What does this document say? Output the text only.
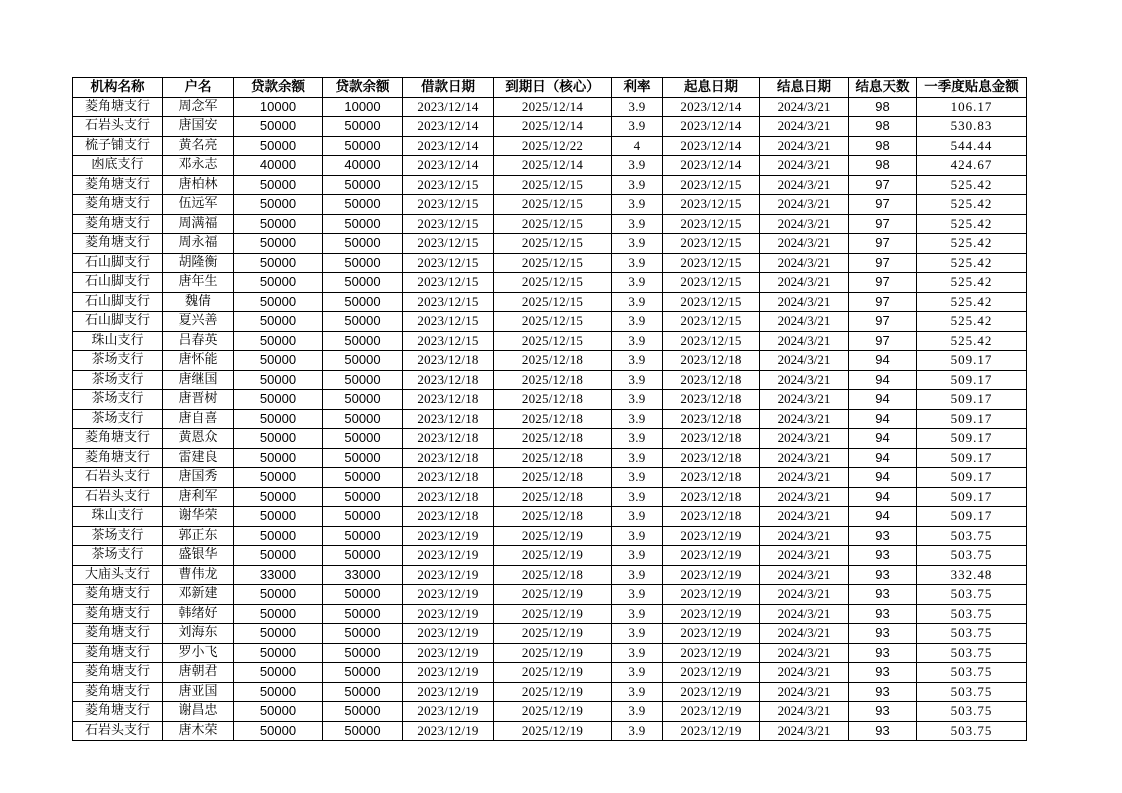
机构名称	户名	贷款余额	贷款余额	借款日期	到期日（核心）	利率	起息日期	结息日期	结息天数	一季度贴息金额
菱角塘支行	周念军	10000	10000	2023/12/14	2025/12/14	3.9	2023/12/14	2024/3/21	98	106.17
石岩头支行	唐国安	50000	50000	2023/12/14	2025/12/14	3.9	2023/12/14	2024/3/21	98	530.83
梳子铺支行	黄名亮	50000	50000	2023/12/14	2025/12/22	4	2023/12/14	2024/3/21	98	544.44
凼底支行	邓永志	40000	40000	2023/12/14	2025/12/14	3.9	2023/12/14	2024/3/21	98	424.67
菱角塘支行	唐柏林	50000	50000	2023/12/15	2025/12/15	3.9	2023/12/15	2024/3/21	97	525.42
菱角塘支行	伍远军	50000	50000	2023/12/15	2025/12/15	3.9	2023/12/15	2024/3/21	97	525.42
菱角塘支行	周满福	50000	50000	2023/12/15	2025/12/15	3.9	2023/12/15	2024/3/21	97	525.42
菱角塘支行	周永福	50000	50000	2023/12/15	2025/12/15	3.9	2023/12/15	2024/3/21	97	525.42
石山脚支行	胡隆衡	50000	50000	2023/12/15	2025/12/15	3.9	2023/12/15	2024/3/21	97	525.42
石山脚支行	唐年生	50000	50000	2023/12/15	2025/12/15	3.9	2023/12/15	2024/3/21	97	525.42
石山脚支行	魏倩	50000	50000	2023/12/15	2025/12/15	3.9	2023/12/15	2024/3/21	97	525.42
石山脚支行	夏兴善	50000	50000	2023/12/15	2025/12/15	3.9	2023/12/15	2024/3/21	97	525.42
珠山支行	吕春英	50000	50000	2023/12/15	2025/12/15	3.9	2023/12/15	2024/3/21	97	525.42
茶场支行	唐怀能	50000	50000	2023/12/18	2025/12/18	3.9	2023/12/18	2024/3/21	94	509.17
茶场支行	唐继国	50000	50000	2023/12/18	2025/12/18	3.9	2023/12/18	2024/3/21	94	509.17
茶场支行	唐晋树	50000	50000	2023/12/18	2025/12/18	3.9	2023/12/18	2024/3/21	94	509.17
茶场支行	唐自喜	50000	50000	2023/12/18	2025/12/18	3.9	2023/12/18	2024/3/21	94	509.17
菱角塘支行	黄恩众	50000	50000	2023/12/18	2025/12/18	3.9	2023/12/18	2024/3/21	94	509.17
菱角塘支行	雷建良	50000	50000	2023/12/18	2025/12/18	3.9	2023/12/18	2024/3/21	94	509.17
石岩头支行	唐国秀	50000	50000	2023/12/18	2025/12/18	3.9	2023/12/18	2024/3/21	94	509.17
石岩头支行	唐利军	50000	50000	2023/12/18	2025/12/18	3.9	2023/12/18	2024/3/21	94	509.17
珠山支行	谢华荣	50000	50000	2023/12/18	2025/12/18	3.9	2023/12/18	2024/3/21	94	509.17
茶场支行	郭正东	50000	50000	2023/12/19	2025/12/19	3.9	2023/12/19	2024/3/21	93	503.75
茶场支行	盛银华	50000	50000	2023/12/19	2025/12/19	3.9	2023/12/19	2024/3/21	93	503.75
大庙头支行	曹伟龙	33000	33000	2023/12/19	2025/12/18	3.9	2023/12/19	2024/3/21	93	332.48
菱角塘支行	邓新建	50000	50000	2023/12/19	2025/12/19	3.9	2023/12/19	2024/3/21	93	503.75
菱角塘支行	韩绪好	50000	50000	2023/12/19	2025/12/19	3.9	2023/12/19	2024/3/21	93	503.75
菱角塘支行	刘海东	50000	50000	2023/12/19	2025/12/19	3.9	2023/12/19	2024/3/21	93	503.75
菱角塘支行	罗小飞	50000	50000	2023/12/19	2025/12/19	3.9	2023/12/19	2024/3/21	93	503.75
菱角塘支行	唐朝君	50000	50000	2023/12/19	2025/12/19	3.9	2023/12/19	2024/3/21	93	503.75
菱角塘支行	唐亚国	50000	50000	2023/12/19	2025/12/19	3.9	2023/12/19	2024/3/21	93	503.75
菱角塘支行	谢昌忠	50000	50000	2023/12/19	2025/12/19	3.9	2023/12/19	2024/3/21	93	503.75
石岩头支行	唐木荣	50000	50000	2023/12/19	2025/12/19	3.9	2023/12/19	2024/3/21	93	503.75
